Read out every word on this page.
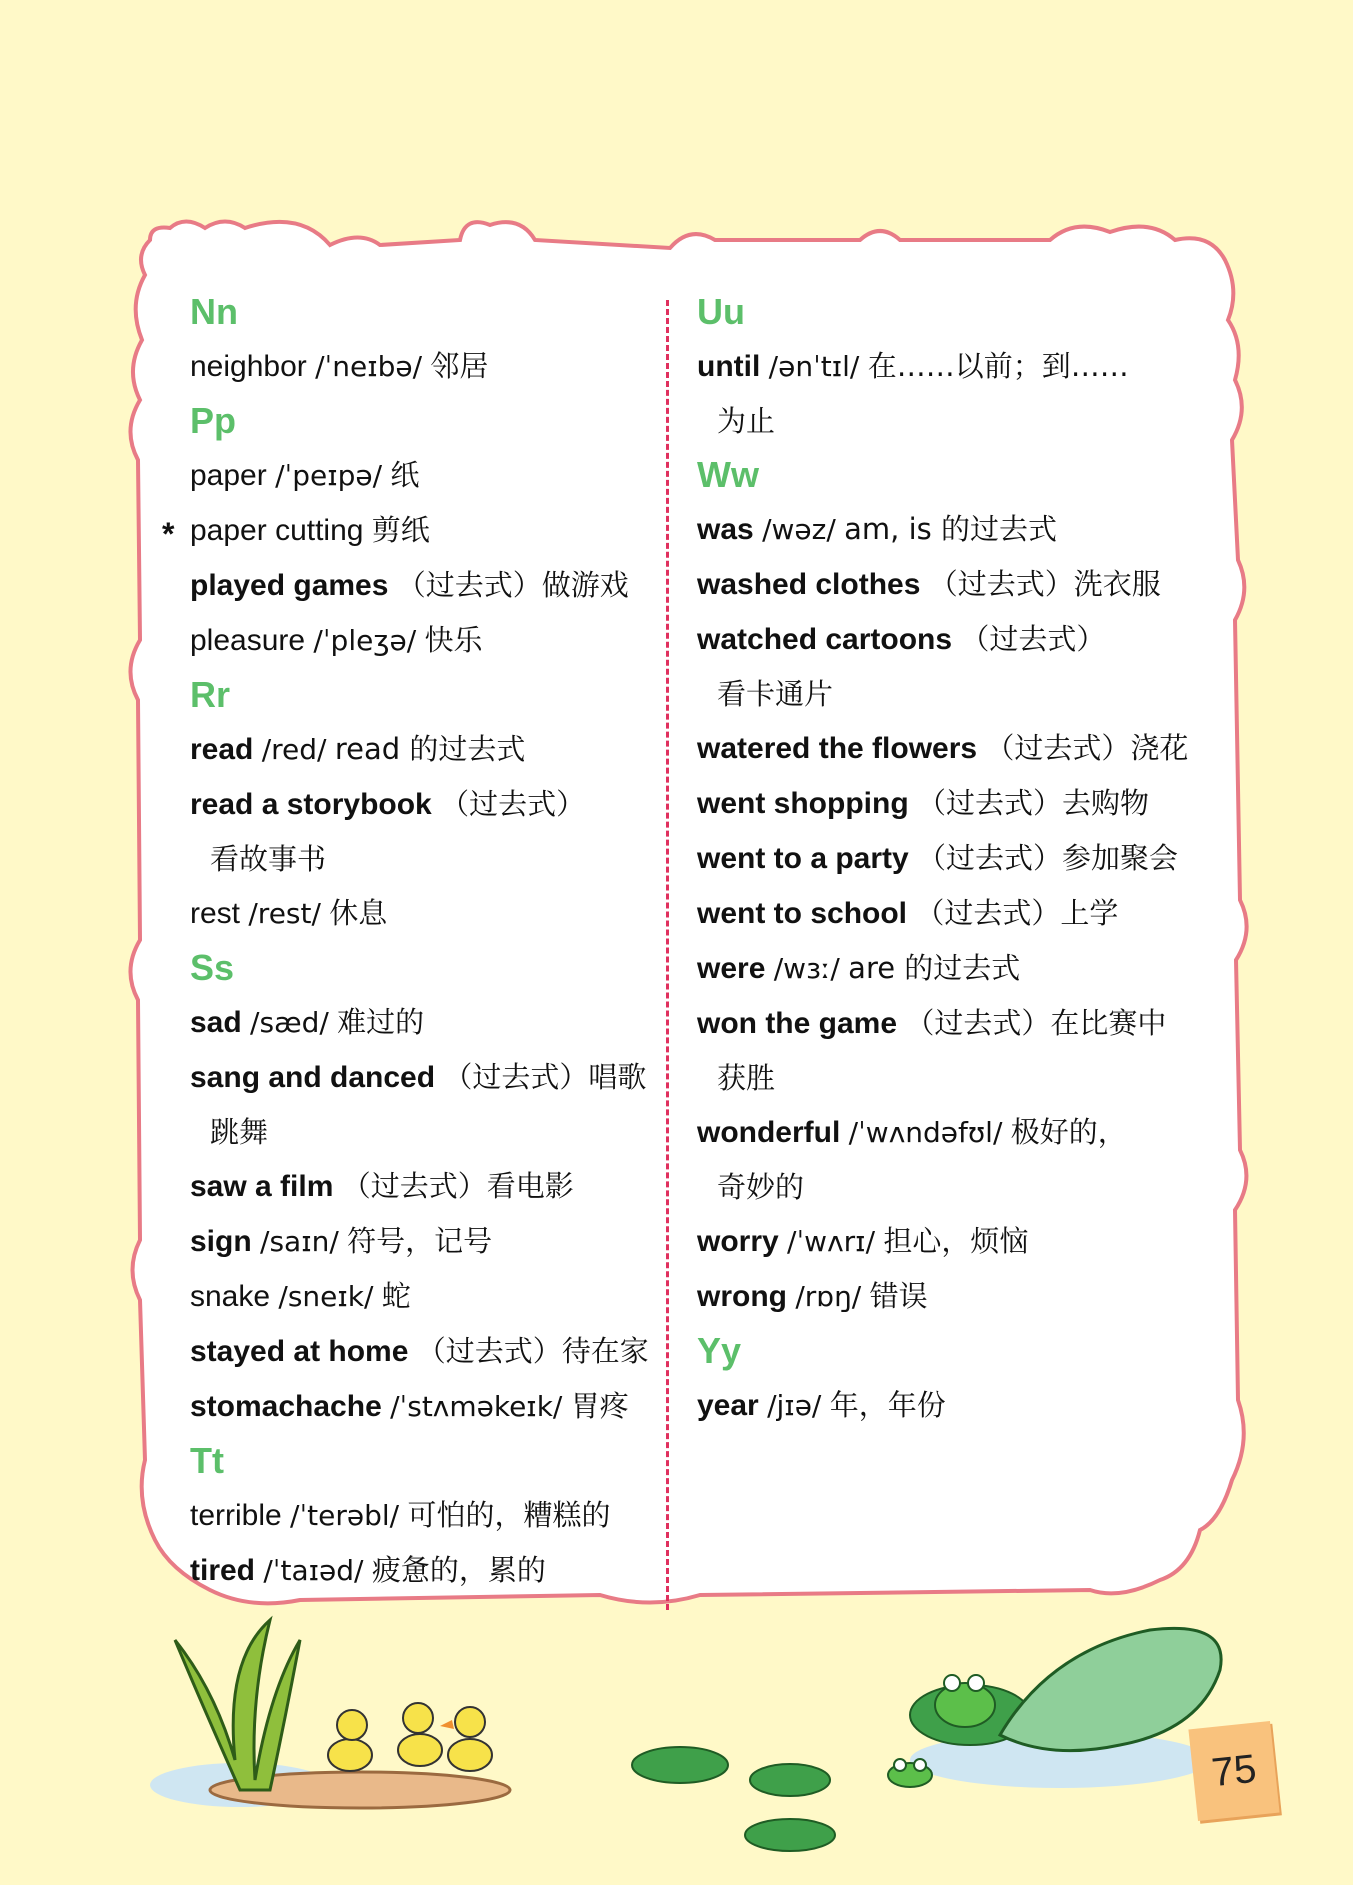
Nn
neighbor /ˈneɪbə/ 邻居
Pp
paper /ˈpeɪpə/ 纸
* paper cutting 剪纸
played games （过去式）做游戏
pleasure /ˈpleʒə/ 快乐
Rr
read /red/ read 的过去式
read a storybook （过去式）
看故事书
rest /rest/ 休息
Ss
sad /sæd/ 难过的
sang and danced （过去式）唱歌
跳舞
saw a film （过去式）看电影
sign /saɪn/ 符号，记号
snake /sneɪk/ 蛇
stayed at home （过去式）待在家
stomachache /ˈstʌməkeɪk/ 胃疼
Tt
terrible /ˈterəbl/ 可怕的，糟糕的
tired /ˈtaɪəd/ 疲惫的，累的
Uu
until /ənˈtɪl/ 在……以前；到……
为止
Ww
was /wəz/ am, is 的过去式
washed clothes （过去式）洗衣服
watched cartoons （过去式）
看卡通片
watered the flowers （过去式）浇花
went shopping （过去式）去购物
went to a party （过去式）参加聚会
went to school （过去式）上学
were /wɜː/ are 的过去式
won the game （过去式）在比赛中
获胜
wonderful /ˈwʌndəfʊl/ 极好的，
奇妙的
worry /ˈwʌrɪ/ 担心，烦恼
wrong /rɒŋ/ 错误
Yy
year /jɪə/ 年，年份
75
